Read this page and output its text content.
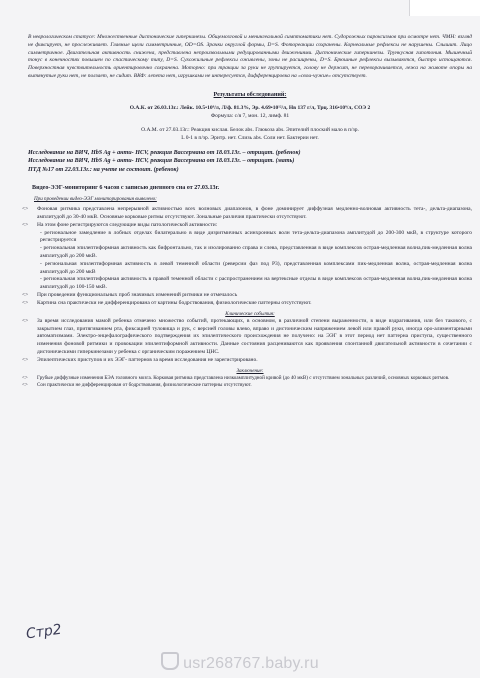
В неврологическом статусе: Множественные дистонические гиперкинезы. Общемозговой и менингеальной симптоматики нет. Судорожных пароксизмов при осмотре нет. ЧМН: взгляд не фиксирует, не прослеживает. Главные щели симметричные, OD=OS. Зрачки округлой формы, D=S. Фотореакции сохранены. Корнеальные рефлексы не нарушены. Слышит. Лицо симметричное. Двигательная активность снижена, представлена непроизвольными редуцированными движениями. Дистонические гиперкинезы. Трункусная гипотония. Мышечный тонус в конечностях повышен по спастическому типу, D=S. Сухожильные рефлексы оживлены, зоны не расширены, D=S. Брюшные рефлексы вызываются, быстро истощаются. Поверхностная чувствительность ориентировочно сохранена. Моторно: при тракции за руки не группируется, голову не держит, не переворачивается, лежа на животе опоры на вытянутые руки нет, не ползает, не сидит. ВКФ: лепета нет, игрушками не интересуется, дифференцировка на «свои-чужие» отсутствует.

Результаты обследований:

О.А.К. от 26.03.13г.: Лейк. 10.5•10⁹/л, Л/ф. 81.3%, Эр. 4.69•10¹²/л, Нв 137 г/л, Трц. 316•10⁹/л, СОЭ 2

Формула: с/я 7, мон. 12, лимф. 81

О.А.М. от 27.03.13г.: Реакция кислая. Белок abs. Глюкоза abs. Эпителий плоский мало в п/зр.

L 0-1 в п/зр. Эритр. нет. Слизь abs. Соли нет. Бактерии нет.

Исследование на ВИЧ, HbS Ag + анти- HCV, реакция Вассермана от 18.03.13г. – отрицат. (ребенок)

Исследование на ВИЧ, HbS Ag + анти- HCV, реакция Вассермана от 18.03.13г. – отрицат. (мать)

ПТД №17 от 22.03.13г.: на учете не состоит. (ребенок)

Видео-ЭЭГ-мониторинг 6 часов с записью дневного сна от 27.03.13г.

При проведении видео-ЭЭГ мониторирования выявлено:

<>	Фоновая ритмика представлена непрерывной активностью всех волновых диапазонов, в фоне доминирует диффузная медленно-волновая активность тета-, дельта-диапазона, амплитудой до 30-40 мкВ. Основные корковые ритмы отсутствуют. Зональные различия практически отсутствуют.
<>	На этом фоне регистрируются следующие виды патологической активности:
- региональное замедление в лобных отделах билатерально в виде дизритмичных асинхронных волн тета-дельта-диапазона амплитудой до 200-300 мкВ, в структуре которого регистрируется
- региональная эпилептиформная активность как бифронтально, так и изолированно справа и слева, представленная в виде комплексов острая-медленная волна,пик-медленная волна амплитудой до 200 мкВ.
- региональная эпилептиформная активность в левой теменной области (реверсии фаз под Р3), представленная комплексами пик-медленная волна, острая-медленная волна амплитудой до 200 мкВ
- региональная эпилептиформная активность в правой теменной области с распространением на вертексные отделы в виде комплексов острая-медленная волна,пик-медленная волна амплитудой до 100-150 мкВ.
<>	При проведении функциональных проб значимых изменений ритмики не отмечалось
<>	Картина сна практически не дифференцирована от картины бодрствования, физиологические паттерны отсутствуют.

Клинические события:

<>	За время исследования мамой ребенка отмечено множество событий, протекающих, в основном, в различной степени выраженности, в виде вздрагивания, или без такового, с закрытием глаз, притягиванием рта, фиксацией туловища и рук, с версией головы влево, вправо и дистоническим напряжением левой или правой руки, иногда оро-алиментарными автоматизмами. Электро-энцефалографического подтверждения их эпилептического происхождения не получено: на ЭЭГ в этот период нет паттерна приступа, существенного изменения фоновой ритмики и провокации эпилептиформной активности. Данные состояния расцениваются как проявления спонтанной двигательной активности в сочетании с дистоническими гиперкинезами у ребенка с органическим поражением ЦНС.
<>	Эпилептических приступов и их ЭЭГ- паттернов за время исследования не зарегистрировано.

Заключение:

<>	Грубые диффузные изменения БЭА головного мозга. Корковая ритмика представлена низкоамплитудной кривой (до 40 мкВ) с отсутствием зональных различий, основных корковых ритмов.
<>	Сон практически не дифференцирован от бодрствования, физиологические паттерны отсутствуют.
Стр2
usr268767.baby.ru
